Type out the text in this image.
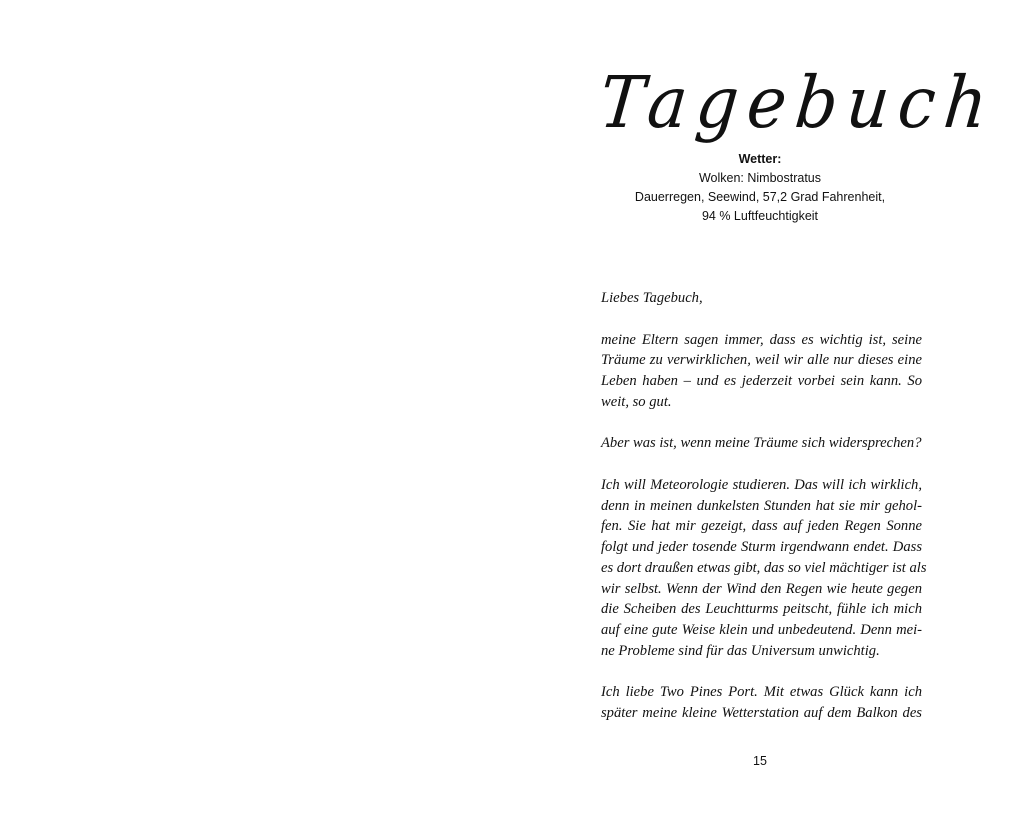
Tagebuch
Wetter:
Wolken: Nimbostratus
Dauerregen, Seewind, 57,2 Grad Fahrenheit,
94 % Luftfeuchtigkeit

Liebes Tagebuch,

meine Eltern sagen immer, dass es wichtig ist, seine
Träume zu verwirklichen, weil wir alle nur dieses eine
Leben haben – und es jederzeit vorbei sein kann. So
weit, so gut.

Aber was ist, wenn meine Träume sich widersprechen?

Ich will Meteorologie studieren. Das will ich wirklich,
denn in meinen dunkelsten Stunden hat sie mir gehol-
fen. Sie hat mir gezeigt, dass auf jeden Regen Sonne
folgt und jeder tosende Sturm irgendwann endet. Dass
es dort draußen etwas gibt, das so viel mächtiger ist als
wir selbst. Wenn der Wind den Regen wie heute gegen
die Scheiben des Leuchtturms peitscht, fühle ich mich
auf eine gute Weise klein und unbedeutend. Denn mei-
ne Probleme sind für das Universum unwichtig.

Ich liebe Two Pines Port. Mit etwas Glück kann ich
später meine kleine Wetterstation auf dem Balkon des

15
